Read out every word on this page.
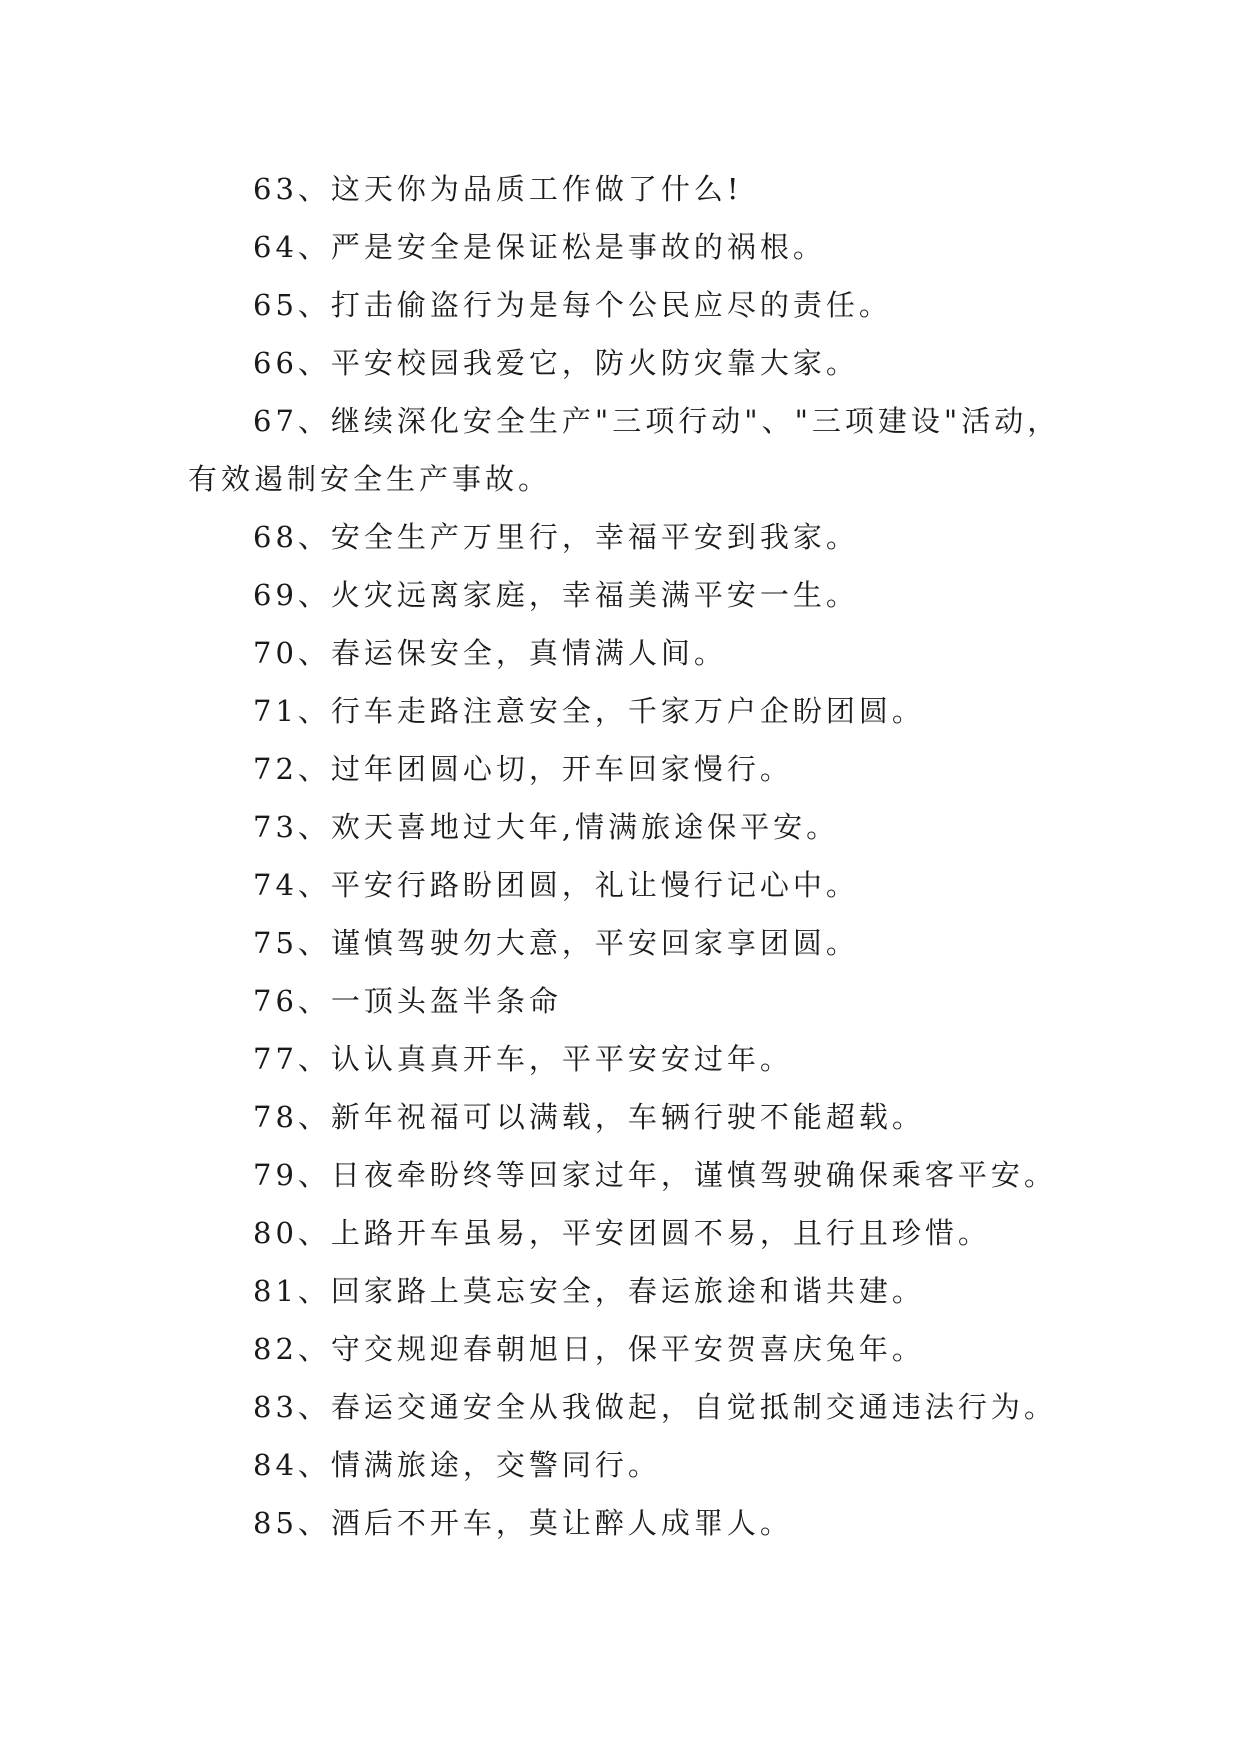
63、这天你为品质工作做了什么!
64、严是安全是保证松是事故的祸根。
65、打击偷盗行为是每个公民应尽的责任。
66、平安校园我爱它，防火防灾靠大家。
67、继续深化安全生产"三项行动"、"三项建设"活动，
有效遏制安全生产事故。
68、安全生产万里行，幸福平安到我家。
69、火灾远离家庭，幸福美满平安一生。
70、春运保安全，真情满人间。
71、行车走路注意安全，千家万户企盼团圆。
72、过年团圆心切，开车回家慢行。
73、欢天喜地过大年,情满旅途保平安。
74、平安行路盼团圆，礼让慢行记心中。
75、谨慎驾驶勿大意，平安回家享团圆。
76、一顶头盔半条命
77、认认真真开车，平平安安过年。
78、新年祝福可以满载，车辆行驶不能超载。
79、日夜牵盼终等回家过年，谨慎驾驶确保乘客平安。
80、上路开车虽易，平安团圆不易，且行且珍惜。
81、回家路上莫忘安全，春运旅途和谐共建。
82、守交规迎春朝旭日，保平安贺喜庆兔年。
83、春运交通安全从我做起，自觉抵制交通违法行为。
84、情满旅途，交警同行。
85、酒后不开车，莫让醉人成罪人。
